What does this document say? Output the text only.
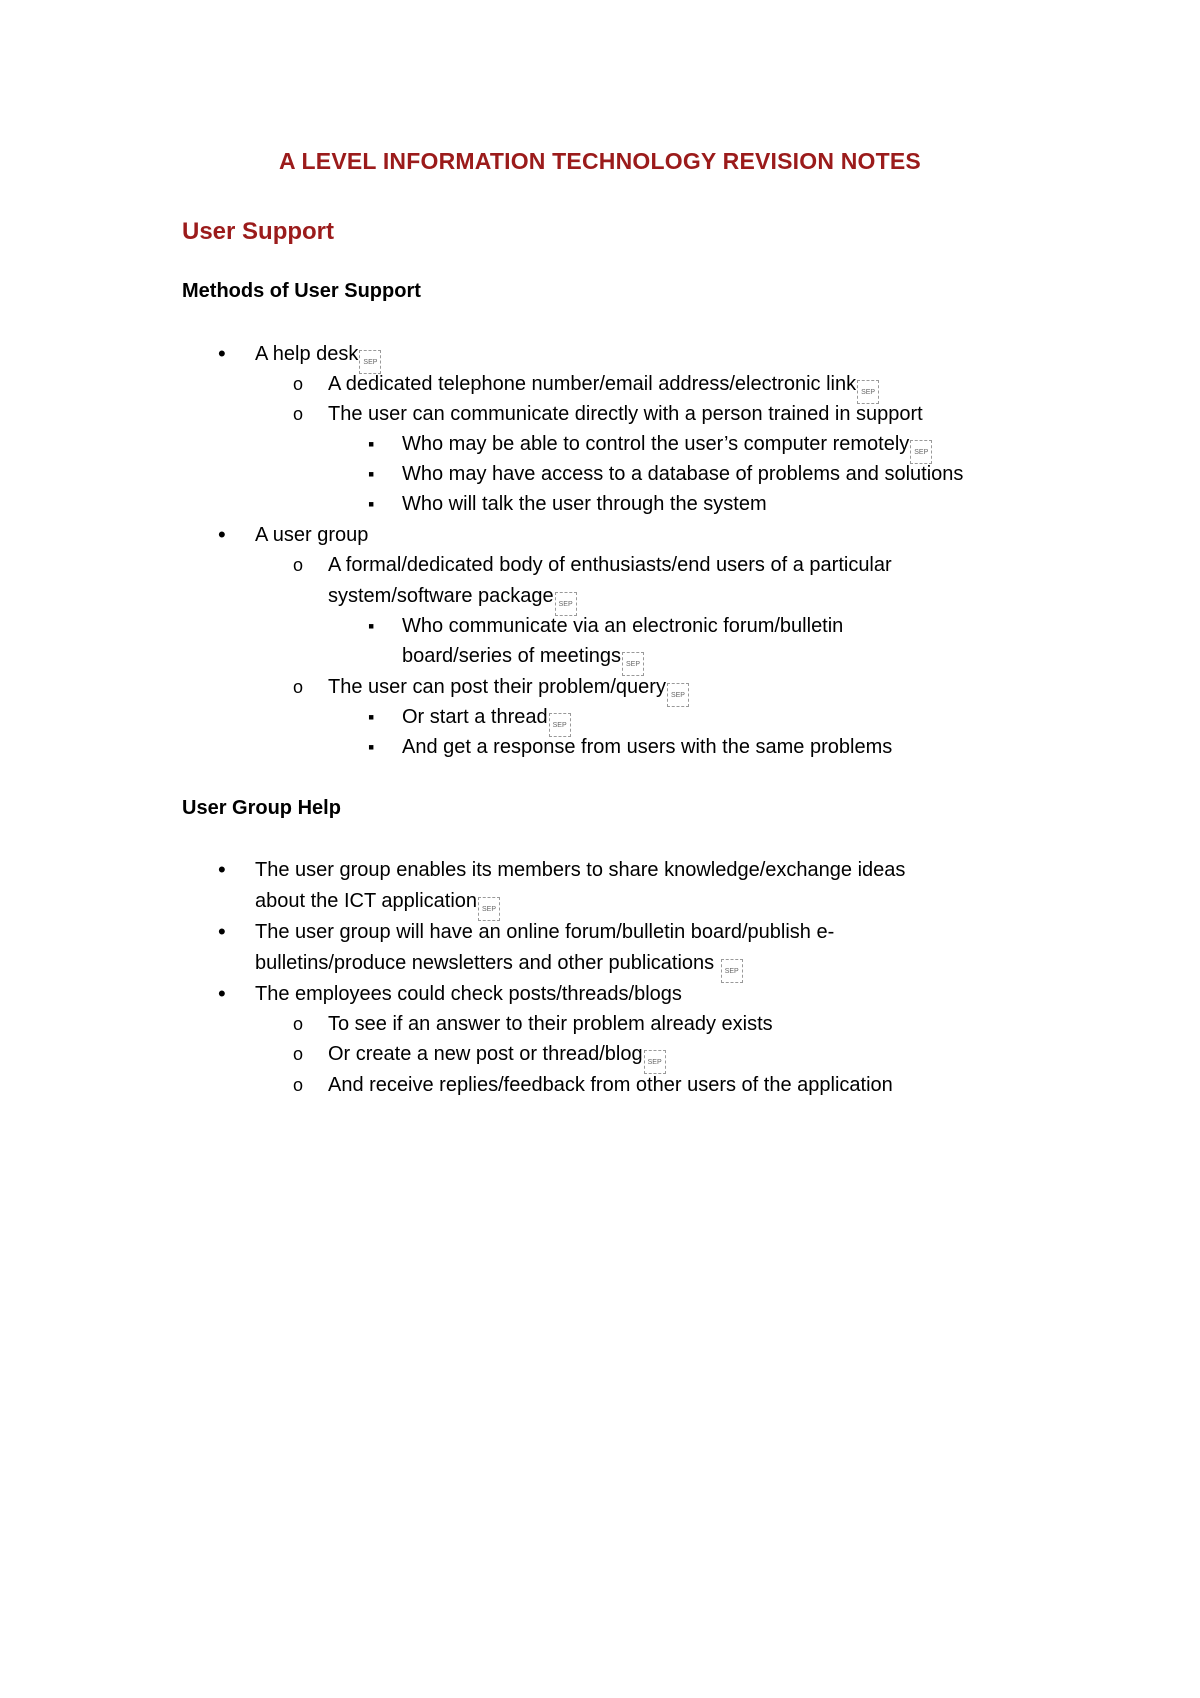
A LEVEL INFORMATION TECHNOLOGY REVISION NOTES
User Support
Methods of User Support
• A help desk SEP
o A dedicated telephone number/email address/electronic link SEP
o The user can communicate directly with a person trained in support
▪ Who may be able to control the user’s computer remotely SEP
▪ Who may have access to a database of problems and solutions
▪ Who will talk the user through the system
• A user group
o A formal/dedicated body of enthusiasts/end users of a particular
system/software package SEP
▪ Who communicate via an electronic forum/bulletin
board/series of meetings SEP
o The user can post their problem/query SEP
▪ Or start a thread SEP
▪ And get a response from users with the same problems
User Group Help
• The user group enables its members to share knowledge/exchange ideas
about the ICT application SEP
• The user group will have an online forum/bulletin board/publish e-
bulletins/produce newsletters and other publications SEP
• The employees could check posts/threads/blogs
o To see if an answer to their problem already exists
o Or create a new post or thread/blog SEP
o And receive replies/feedback from other users of the application
